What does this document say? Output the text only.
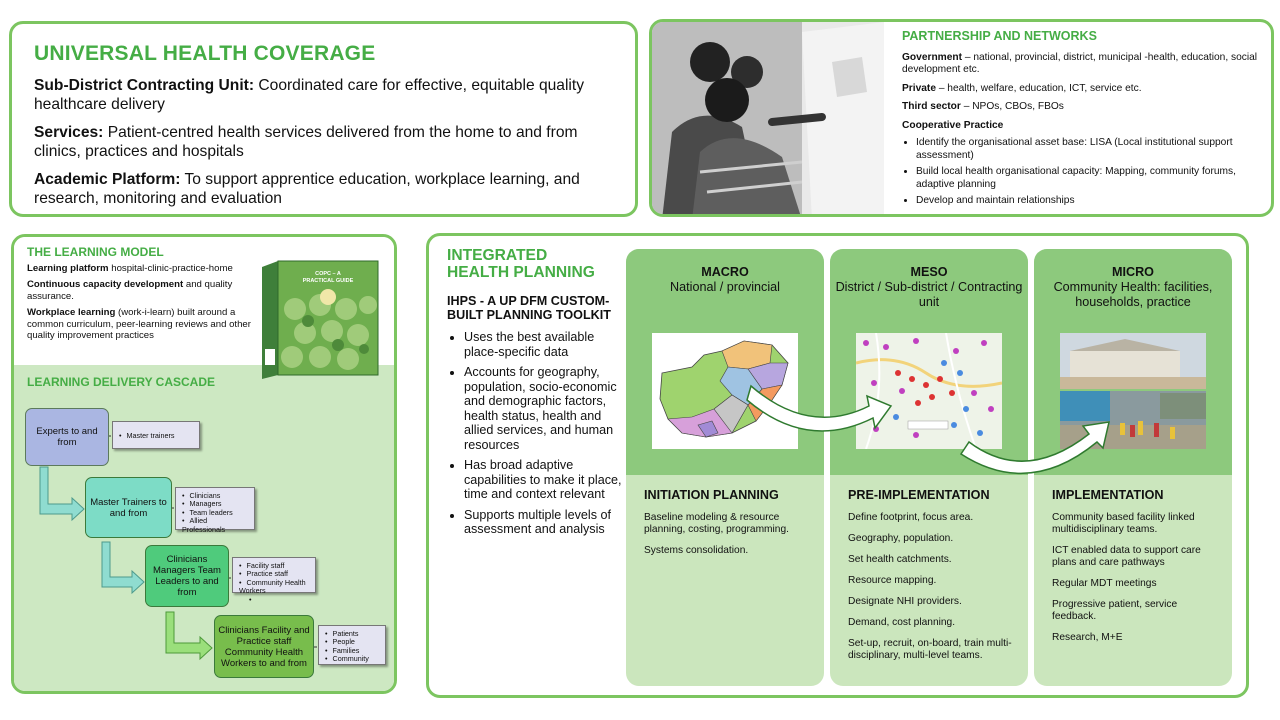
UNIVERSAL HEALTH COVERAGE

Sub-District Contracting Unit: Coordinated care for effective, equitable quality healthcare delivery

Services: Patient-centred health services delivered from the home to and from clinics, practices and hospitals

Academic Platform: To support apprentice education, workplace learning, and research, monitoring and evaluation

PARTNERSHIP AND NETWORKS

Government – national, provincial, district, municipal -health, education, social development etc.

Private – health, welfare, education, ICT, service etc.

Third sector – NPOs, CBOs, FBOs

Cooperative Practice

• Identify the organisational asset base: LISA (Local institutional support assessment)
• Build local health organisational capacity: Mapping, community forums, adaptive planning
• Develop and maintain relationships
THE LEARNING MODEL

Learning platform hospital-clinic-practice-home

Continuous capacity development and quality assurance.

Workplace learning (work-i-learn) built around a common curriculum, peer-learning reviews and other quality improvement practices

COPC – A PRACTICAL GUIDE
LEARNING DELIVERY CASCADE
Experts to and from
• Master trainers
Master Trainers to and from
• Clinicians
• Managers
• Team leaders
• Allied Professionals
Clinicians Managers Team Leaders to and from
• Facility staff
• Practice staff
• Community Health Workers
•
Clinicians Facility and Practice staff Community Health Workers to and from
• Patients
• People
• Families
• Community
INTEGRATED
HEALTH PLANNING
IHPS - A UP DFM CUSTOM-BUILT PLANNING TOOLKIT
• Uses the best available place-specific data
• Accounts for geography, population, socio-economic and demographic factors, health status, health and allied services, and human resources
• Has broad adaptive capabilities to make it place, time and context relevant
• Supports multiple levels of assessment and analysis
MACRO
National / provincial
INITIATION PLANNING
Baseline modeling & resource planning, costing, programming.
Systems consolidation.
MESO
District / Sub-district / Contracting unit
PRE-IMPLEMENTATION
Define footprint, focus area.
Geography, population.
Set health catchments.
Resource mapping.
Designate NHI providers.
Demand, cost planning.
Set-up, recruit, on-board, train multi-disciplinary, multi-level teams.
MICRO
Community Health: facilities, households, practice
IMPLEMENTATION
Community based facility linked multidisciplinary teams.
ICT enabled data to support care plans and care pathways
Regular MDT meetings
Progressive patient, service feedback.
Research, M+E
